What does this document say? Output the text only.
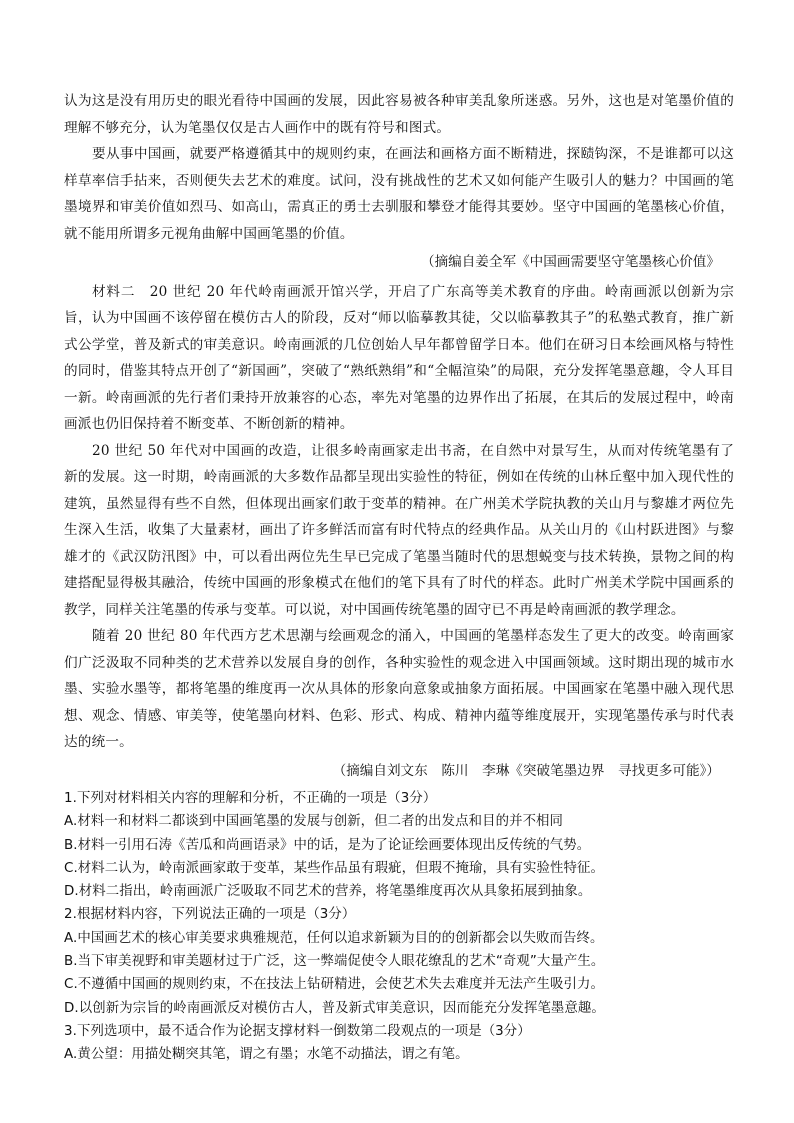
认为这是没有用历史的眼光看待中国画的发展，因此容易被各种审美乱象所迷惑。另外，这也是对笔墨价值的理解不够充分，认为笔墨仅仅是古人画作中的既有符号和图式。

要从事中国画，就要严格遵循其中的规则约束，在画法和画格方面不断精进，探赜钩深，不是谁都可以这样草率信手拈来，否则便失去艺术的难度。试问，没有挑战性的艺术又如何能产生吸引人的魅力？中国画的笔墨境界和审美价值如烈马、如高山，需真正的勇士去驯服和攀登才能得其要妙。坚守中国画的笔墨核心价值，就不能用所谓多元视角曲解中国画笔墨的价值。

（摘编自姜全军《中国画需要坚守笔墨核心价值》

材料二　20 世纪 20 年代岭南画派开馆兴学，开启了广东高等美术教育的序曲。岭南画派以创新为宗旨，认为中国画不该停留在模仿古人的阶段，反对“师以临摹教其徒，父以临摹教其子”的私塾式教育，推广新式公学堂，普及新式的审美意识。岭南画派的几位创始人早年都曾留学日本。他们在研习日本绘画风格与特性的同时，借鉴其特点开创了“新国画”，突破了“熟纸熟绢”和“全幅渲染”的局限，充分发挥笔墨意趣，令人耳目一新。岭南画派的先行者们秉持开放兼容的心态，率先对笔墨的边界作出了拓展，在其后的发展过程中，岭南画派也仍旧保持着不断变革、不断创新的精神。

20 世纪 50 年代对中国画的改造，让很多岭南画家走出书斋，在自然中对景写生，从而对传统笔墨有了新的发展。这一时期，岭南画派的大多数作品都呈现出实验性的特征，例如在传统的山林丘壑中加入现代性的建筑，虽然显得有些不自然，但体现出画家们敢于变革的精神。在广州美术学院执教的关山月与黎雄才两位先生深入生活，收集了大量素材，画出了许多鲜活而富有时代特点的经典作品。从关山月的《山村跃进图》与黎雄才的《武汉防汛图》中，可以看出两位先生早已完成了笔墨当随时代的思想蜕变与技术转换，景物之间的构建搭配显得极其融洽，传统中国画的形象模式在他们的笔下具有了时代的样态。此时广州美术学院中国画系的教学，同样关注笔墨的传承与变革。可以说，对中国画传统笔墨的固守已不再是岭南画派的教学理念。

随着 20 世纪 80 年代西方艺术思潮与绘画观念的涌入，中国画的笔墨样态发生了更大的改变。岭南画家们广泛汲取不同种类的艺术营养以发展自身的创作，各种实验性的观念进入中国画领域。这时期出现的城市水墨、实验水墨等，都将笔墨的维度再一次从具体的形象向意象或抽象方面拓展。中国画家在笔墨中融入现代思想、观念、情感、审美等，使笔墨向材料、色彩、形式、构成、精神内蕴等维度展开，实现笔墨传承与时代表达的统一。

（摘编自刘文东　陈川　李琳《突破笔墨边界　寻找更多可能》）

1.下列对材料相关内容的理解和分析，不正确的一项是（3分）

A.材料一和材料二都谈到中国画笔墨的发展与创新，但二者的出发点和目的并不相同

B.材料一引用石涛《苦瓜和尚画语录》中的话，是为了论证绘画要体现出反传统的气势。

C.材料二认为，岭南派画家敢于变革，某些作品虽有瑕疵，但瑕不掩瑜，具有实验性特征。

D.材料二指出，岭南画派广泛吸取不同艺术的营养，将笔墨维度再次从具象拓展到抽象。

2.根据材料内容，下列说法正确的一项是（3分）

A.中国画艺术的核心审美要求典雅规范，任何以追求新颖为目的的创新都会以失败而告终。

B.当下审美视野和审美题材过于广泛，这一弊端促使令人眼花缭乱的艺术“奇观”大量产生。

C.不遵循中国画的规则约束，不在技法上钻研精进，会使艺术失去难度并无法产生吸引力。

D.以创新为宗旨的岭南画派反对模仿古人，普及新式审美意识，因而能充分发挥笔墨意趣。

3.下列选项中，最不适合作为论据支撑材料一倒数第二段观点的一项是（3分）

A.黄公望：用描处糊突其笔，谓之有墨；水笔不动描法，谓之有笔。
